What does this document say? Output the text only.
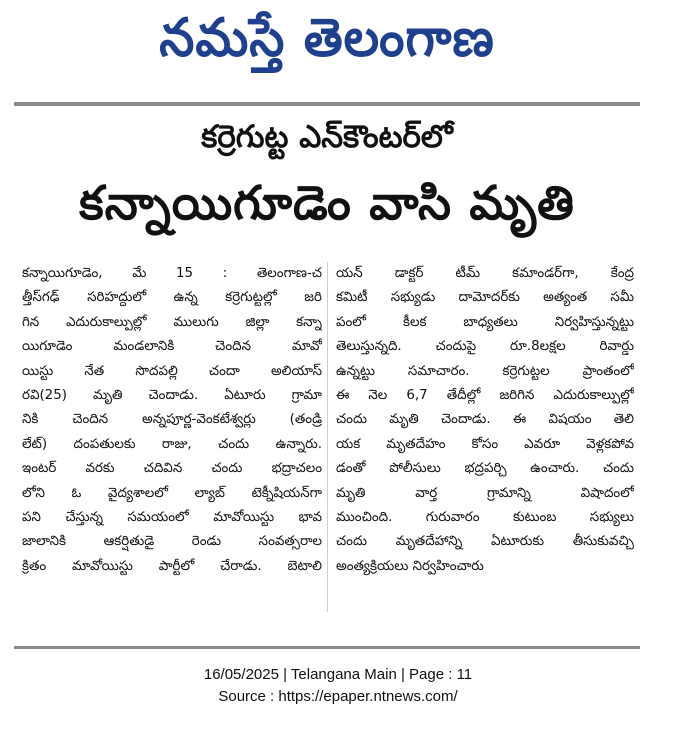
నమస్తే తెలంగాణ
కర్రెగుట్ట ఎన్‌కౌంటర్‌లో
కన్నాయిగూడెం వాసి మృతి
కన్నాయిగూడెం, మే 15 : తెలంగాణ-చ
త్తీస్‌గఢ్ సరిహద్దులో ఉన్న కర్రెగుట్టల్లో జరి
గిన ఎదురుకాల్పుల్లో ములుగు జిల్లా కన్నా
యిగూడెం మండలానికి చెందిన మావో
యిస్టు నేత సొదపల్లి చందా అలియాస్
రవి(25) మృతి చెందాడు. ఏటూరు గ్రామా
నికి చెందిన అన్నపూర్ణ-వెంకటేశ్వర్లు (తండ్రి
లేట్) దంపతులకు రాజు, చందు ఉన్నారు.
ఇంటర్ వరకు చదివిన చందు భద్రాచలం
లోని ఓ వైద్యశాలలో ల్యాబ్ టెక్నీషియన్‌గా
పని చేస్తున్న సమయంలో మావోయిస్టు భావ
జాలానికి ఆకర్షితుడై రెండు సంవత్సరాల
క్రితం మావోయిస్టు పార్టీలో చేరాడు. బెటాలి
యన్ డాక్టర్ టీమ్ కమాండర్‌గా, కేంద్ర
కమిటీ సభ్యుడు దామోదర్‌కు అత్యంత సమీ
పంలో కీలక బాధ్యతలు నిర్వహిస్తున్నట్టు
తెలుస్తున్నది. చందుపై రూ.8లక్షల రివార్డు
ఉన్నట్టు సమాచారం. కర్రెగుట్టల ప్రాంతంలో
ఈ నెల 6,7 తేదీల్లో జరిగిన ఎదురుకాల్పుల్లో
చందు మృతి చెందాడు. ఈ విషయం తెలి
యక మృతదేహం కోసం ఎవరూ వెళ్లకపోవ
డంతో పోలీసులు భద్రపర్చి ఉంచారు. చందు
మృతి వార్త గ్రామాన్ని విషాదంలో
ముంచింది. గురువారం కుటుంబ సభ్యులు
చందు మృతదేహాన్ని ఏటూరుకు తీసుకువచ్చి
అంత్యక్రియలు నిర్వహించారు
16/05/2025 | Telangana Main | Page : 11
Source : https://epaper.ntnews.com/
